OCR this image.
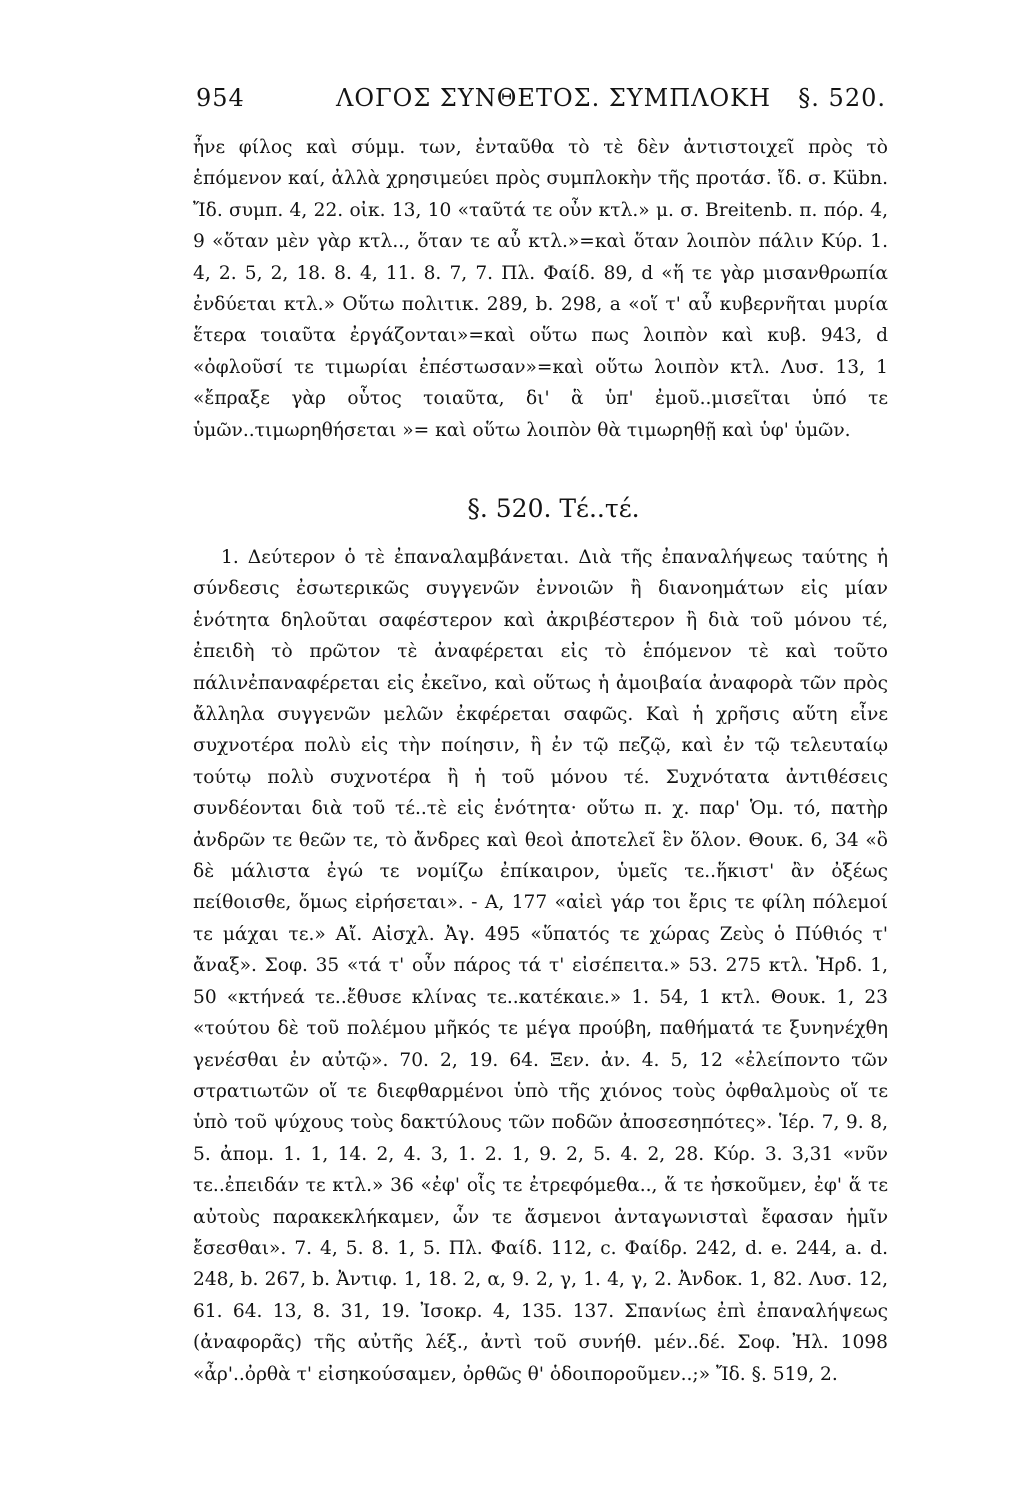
954	ΛΟΓΟΣ ΣΥΝΘΕΤΟΣ. ΣΥΜΠΛΟΚΗ §. 520.

ἦνε φίλος καὶ σύμμ. των, ἐνταῦθα τὸ τὲ δὲν ἀντιστοιχεῖ πρὸς τὸ ἑπόμενον καί, ἀλλὰ χρησιμεύει πρὸς συμπλοκὴν τῆς προτάσ. ἴδ. σ. Kübn. Ἴδ. συμπ. 4, 22. οἰκ. 13, 10 «ταῦτά τε οὖν κτλ.» μ. σ. Breitenb. π. πόρ. 4, 9 «ὅταν μὲν γὰρ κτλ.., ὅταν τε αὖ κτλ.»=καὶ ὅταν λοιπὸν πάλιν Κύρ. 1. 4, 2. 5, 2, 18. 8. 4, 11. 8. 7, 7. Πλ. Φαίδ. 89, d «ἥ τε γὰρ μισανθρωπία ἐνδύεται κτλ.» Οὕτω πολιτικ. 289, b. 298, a «οἵ τ' αὖ κυβερνῆται μυρία ἕτερα τοιαῦτα ἐργάζονται»=καὶ οὕτω πως λοιπὸν καὶ κυβ. 943, d «ὀφλοῦσί τε τιμωρίαι ἐπέστωσαν»=καὶ οὕτω λοιπὸν κτλ. Λυσ. 13, 1 «ἔπραξε γὰρ οὗτος τοιαῦτα, δι' ἃ ὑπ' ἐμοῦ..μισεῖται ὑπό τε ὑμῶν..τιμωρηθήσεται »= καὶ οὕτω λοιπὸν θὰ τιμωρηθῇ καὶ ὑφ' ὑμῶν.

§. 520. Τέ..τέ.

1. Δεύτερον ὁ τὲ ἐπαναλαμβάνεται. Διὰ τῆς ἐπαναλήψεως ταύτης ἡ σύνδεσις ἐσωτερικῶς συγγενῶν ἐννοιῶν ἢ διανοημάτων εἰς μίαν ἑνότητα δηλοῦται σαφέστερον καὶ ἀκριβέστερον ἢ διὰ τοῦ μόνου τέ, ἐπειδὴ τὸ πρῶτον τὲ ἀναφέρεται εἰς τὸ ἑπόμενον τὲ καὶ τοῦτο πάλινἐπαναφέρεται εἰς ἐκεῖνο, καὶ οὕτως ἡ ἀμοιβαία ἀναφορὰ τῶν πρὸς ἄλληλα συγγενῶν μελῶν ἐκφέρεται σαφῶς. Καὶ ἡ χρῆσις αὕτη εἶνε συχνοτέρα πολὺ εἰς τὴν ποίησιν, ἢ ἐν τῷ πεζῷ, καὶ ἐν τῷ τελευταίῳ τούτῳ πολὺ συχνοτέρα ἢ ἡ τοῦ μόνου τέ. Συχνότατα ἀντιθέσεις συνδέονται διὰ τοῦ τέ..τὲ εἰς ἑνότητα· οὕτω π. χ. παρ' Ὁμ. τό, πατὴρ ἀνδρῶν τε θεῶν τε, τὸ ἄνδρες καὶ θεοὶ ἀποτελεῖ ἓν ὅλον. Θουκ. 6, 34 «ὃ δὲ μάλιστα ἐγώ τε νομίζω ἐπίκαιρον, ὑμεῖς τε..ἥκιστ' ἂν ὀξέως πείθοισθε, ὅμως εἰρήσεται». - Α, 177 «αἰεὶ γάρ τοι ἔρις τε φίλη πόλεμοί τε μάχαι τε.» Αἴ. Αἰσχλ. Ἀγ. 495 «ὕπατός τε χώρας Ζεὺς ὁ Πύθιός τ' ἄναξ». Σοφ. 35 «τά τ' οὖν πάρος τά τ' εἰσέπειτα.» 53. 275 κτλ. Ἡρδ. 1, 50 «κτήνεά τε..ἔθυσε κλίνας τε..κατέκαιε.» 1. 54, 1 κτλ. Θουκ. 1, 23 «τούτου δὲ τοῦ πολέμου μῆκός τε μέγα προύβη, παθήματά τε ξυνηνέχθη γενέσθαι ἐν αὐτῷ». 70. 2, 19. 64. Ξεν. ἀν. 4. 5, 12 «ἐλείποντο τῶν στρατιωτῶν οἵ τε διεφθαρμένοι ὑπὸ τῆς χιόνος τοὺς ὀφθαλμοὺς οἵ τε ὑπὸ τοῦ ψύχους τοὺς δακτύλους τῶν ποδῶν ἀποσεσηπότες». Ἱέρ. 7, 9. 8, 5. ἀπομ. 1. 1, 14. 2, 4. 3, 1. 2. 1, 9. 2, 5. 4. 2, 28. Κύρ. 3. 3,31 «νῦν τε..ἐπειδάν τε κτλ.» 36 «ἐφ' οἷς τε ἐτρεφόμεθα.., ἅ τε ἠσκοῦμεν, ἐφ' ἅ τε αὐτοὺς παρακεκλήκαμεν, ὧν τε ἄσμενοι ἀνταγωνισταὶ ἔφασαν ἡμῖν ἔσεσθαι». 7. 4, 5. 8. 1, 5. Πλ. Φαίδ. 112, c. Φαίδρ. 242, d. e. 244, a. d. 248, b. 267, b. Ἀντιφ. 1, 18. 2, α, 9. 2, γ, 1. 4, γ, 2. Ἀνδοκ. 1, 82. Λυσ. 12, 61. 64. 13, 8. 31, 19. Ἰσοκρ. 4, 135. 137. Σπανίως ἐπὶ ἐπαναλήψεως (ἀναφορᾶς) τῆς αὐτῆς λέξ., ἀντὶ τοῦ συνήθ. μέν..δέ. Σοφ. Ἠλ. 1098 «ἆρ'..ὀρθὰ τ' εἰσηκούσαμεν, ὀρθῶς θ' ὁδοιποροῦμεν..;» Ἴδ. §. 519, 2.
